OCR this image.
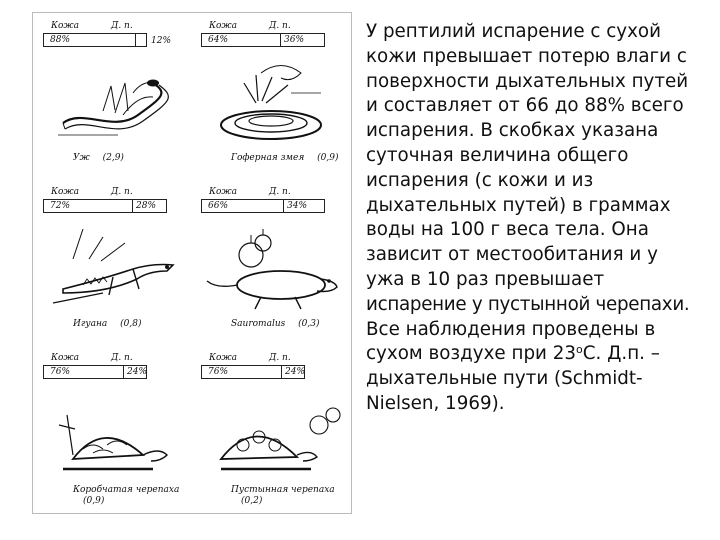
Кожа	Д. п.
88%	12%
Уж (2,9)
Кожа	Д. п.
64%	36%
Гоферная змея (0,9)
Кожа	Д. п.
72%	28%
Игуана (0,8)
Кожа	Д. п.
66%	34%
Sauromalus (0,3)
Кожа	Д. п.
76%	24%
Коробчатая черепаха (0,9)
Кожа	Д. п.
76%	24%
Пустынная черепаха (0,2)
У рептилий испарение с сухой
кожи превышает потерю влаги с
поверхности дыхательных путей
и составляет от 66 до 88% всего
испарения. В скобках указана
суточная величина общего
испарения (с кожи и из
дыхательных путей) в граммах
воды на 100 г веса тела. Она
зависит от местообитания и у
ужа в 10 раз превышает
испарение у пустынной черепахи.
Все наблюдения проведены в
сухом воздухе при $23^оС$. Д.п. –
дыхательные пути (Schmidt-
Nielsen, 1969).
